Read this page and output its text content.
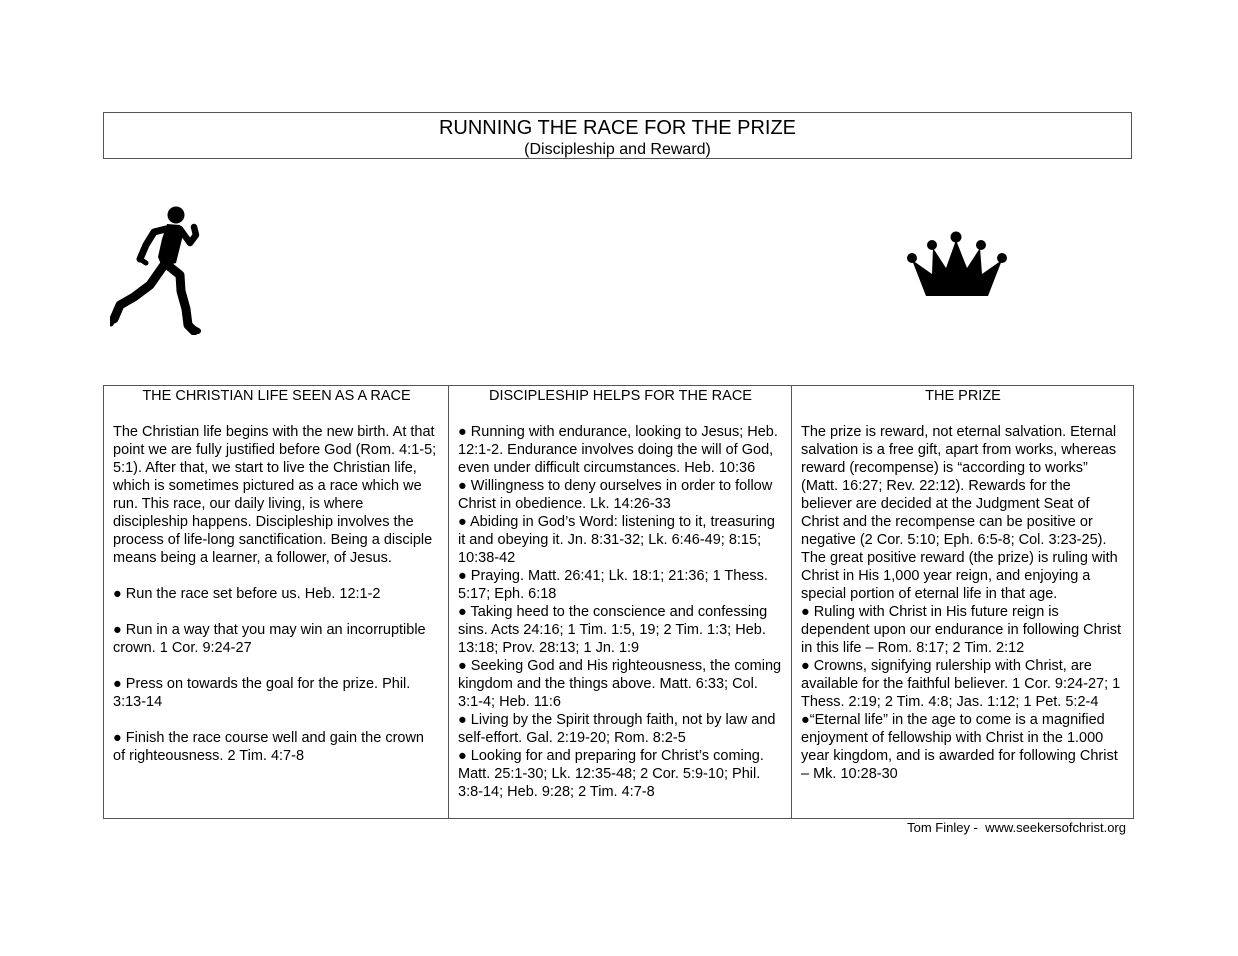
RUNNING THE RACE FOR THE PRIZE
(Discipleship and Reward)
THE CHRISTIAN LIFE SEEN AS A RACE

The Christian life begins with the new birth. At that point we are fully justified before God (Rom. 4:1-5; 5:1). After that, we start to live the Christian life, which is sometimes pictured as a race which we run. This race, our daily living, is where discipleship happens. Discipleship involves the process of life-long sanctification. Being a disciple means being a learner, a follower, of Jesus.

● Run the race set before us. Heb. 12:1-2

● Run in a way that you may win an incorruptible crown. 1 Cor. 9:24-27

● Press on towards the goal for the prize. Phil. 3:13-14

● Finish the race course well and gain the crown of righteousness. 2 Tim. 4:7-8

DISCIPLESHIP HELPS FOR THE RACE

● Running with endurance, looking to Jesus; Heb. 12:1-2. Endurance involves doing the will of God, even under difficult circumstances. Heb. 10:36

● Willingness to deny ourselves in order to follow Christ in obedience. Lk. 14:26-33

● Abiding in God’s Word: listening to it, treasuring it and obeying it. Jn. 8:31-32; Lk. 6:46-49; 8:15; 10:38-42

● Praying. Matt. 26:41; Lk. 18:1; 21:36; 1 Thess. 5:17; Eph. 6:18

● Taking heed to the conscience and confessing sins. Acts 24:16; 1 Tim. 1:5, 19; 2 Tim. 1:3; Heb. 13:18; Prov. 28:13; 1 Jn. 1:9

● Seeking God and His righteousness, the coming kingdom and the things above. Matt. 6:33; Col. 3:1-4; Heb. 11:6

● Living by the Spirit through faith, not by law and self-effort. Gal. 2:19-20; Rom. 8:2-5

● Looking for and preparing for Christ’s coming. Matt. 25:1-30; Lk. 12:35-48; 2 Cor. 5:9-10; Phil. 3:8-14; Heb. 9:28; 2 Tim. 4:7-8

THE PRIZE

The prize is reward, not eternal salvation. Eternal salvation is a free gift, apart from works, whereas reward (recompense) is “according to works” (Matt. 16:27; Rev. 22:12). Rewards for the believer are decided at the Judgment Seat of Christ and the recompense can be positive or negative (2 Cor. 5:10; Eph. 6:5-8; Col. 3:23-25). The great positive reward (the prize) is ruling with Christ in His 1,000 year reign, and enjoying a special portion of eternal life in that age.

● Ruling with Christ in His future reign is dependent upon our endurance in following Christ in this life – Rom. 8:17; 2 Tim. 2:12

● Crowns, signifying rulership with Christ, are available for the faithful believer. 1 Cor. 9:24-27; 1 Thess. 2:19; 2 Tim. 4:8; Jas. 1:12; 1 Pet. 5:2-4

●“Eternal life” in the age to come is a magnified enjoyment of fellowship with Christ in the 1.000 year kingdom, and is awarded for following Christ – Mk. 10:28-30

Tom Finley -  www.seekersofchrist.org
